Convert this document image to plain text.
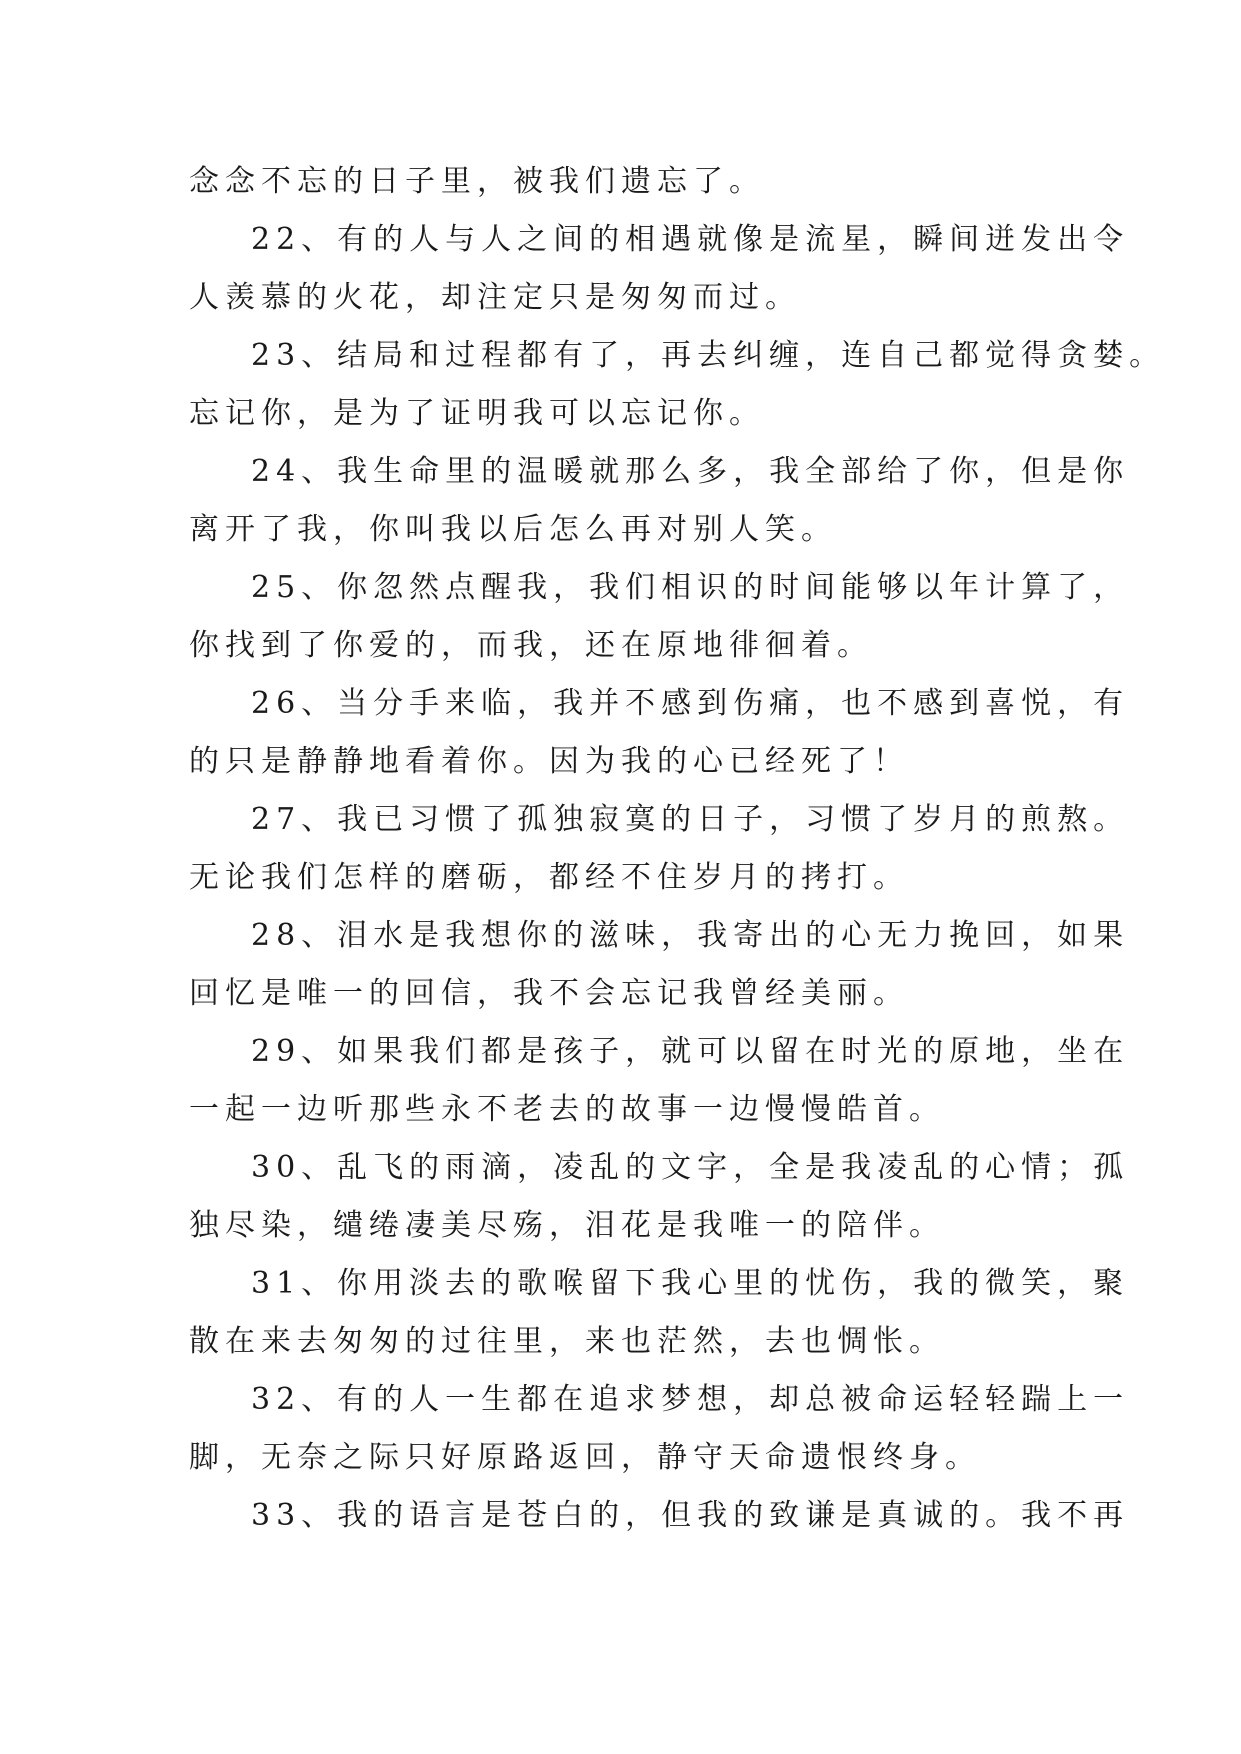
念念不忘的日子里，被我们遗忘了。
22、有的人与人之间的相遇就像是流星，瞬间迸发出令
人羡慕的火花，却注定只是匆匆而过。
23、结局和过程都有了，再去纠缠，连自己都觉得贪婪。
忘记你，是为了证明我可以忘记你。
24、我生命里的温暖就那么多，我全部给了你，但是你
离开了我，你叫我以后怎么再对别人笑。
25、你忽然点醒我，我们相识的时间能够以年计算了，
你找到了你爱的，而我，还在原地徘徊着。
26、当分手来临，我并不感到伤痛，也不感到喜悦，有
的只是静静地看着你。因为我的心已经死了！
27、我已习惯了孤独寂寞的日子，习惯了岁月的煎熬。
无论我们怎样的磨砺，都经不住岁月的拷打。
28、泪水是我想你的滋味，我寄出的心无力挽回，如果
回忆是唯一的回信，我不会忘记我曾经美丽。
29、如果我们都是孩子，就可以留在时光的原地，坐在
一起一边听那些永不老去的故事一边慢慢皓首。
30、乱飞的雨滴，凌乱的文字，全是我凌乱的心情；孤
独尽染，缱绻凄美尽殇，泪花是我唯一的陪伴。
31、你用淡去的歌喉留下我心里的忧伤，我的微笑，聚
散在来去匆匆的过往里，来也茫然，去也惆怅。
32、有的人一生都在追求梦想，却总被命运轻轻踹上一
脚，无奈之际只好原路返回，静守天命遗恨终身。
33、我的语言是苍白的，但我的致谦是真诚的。我不再
